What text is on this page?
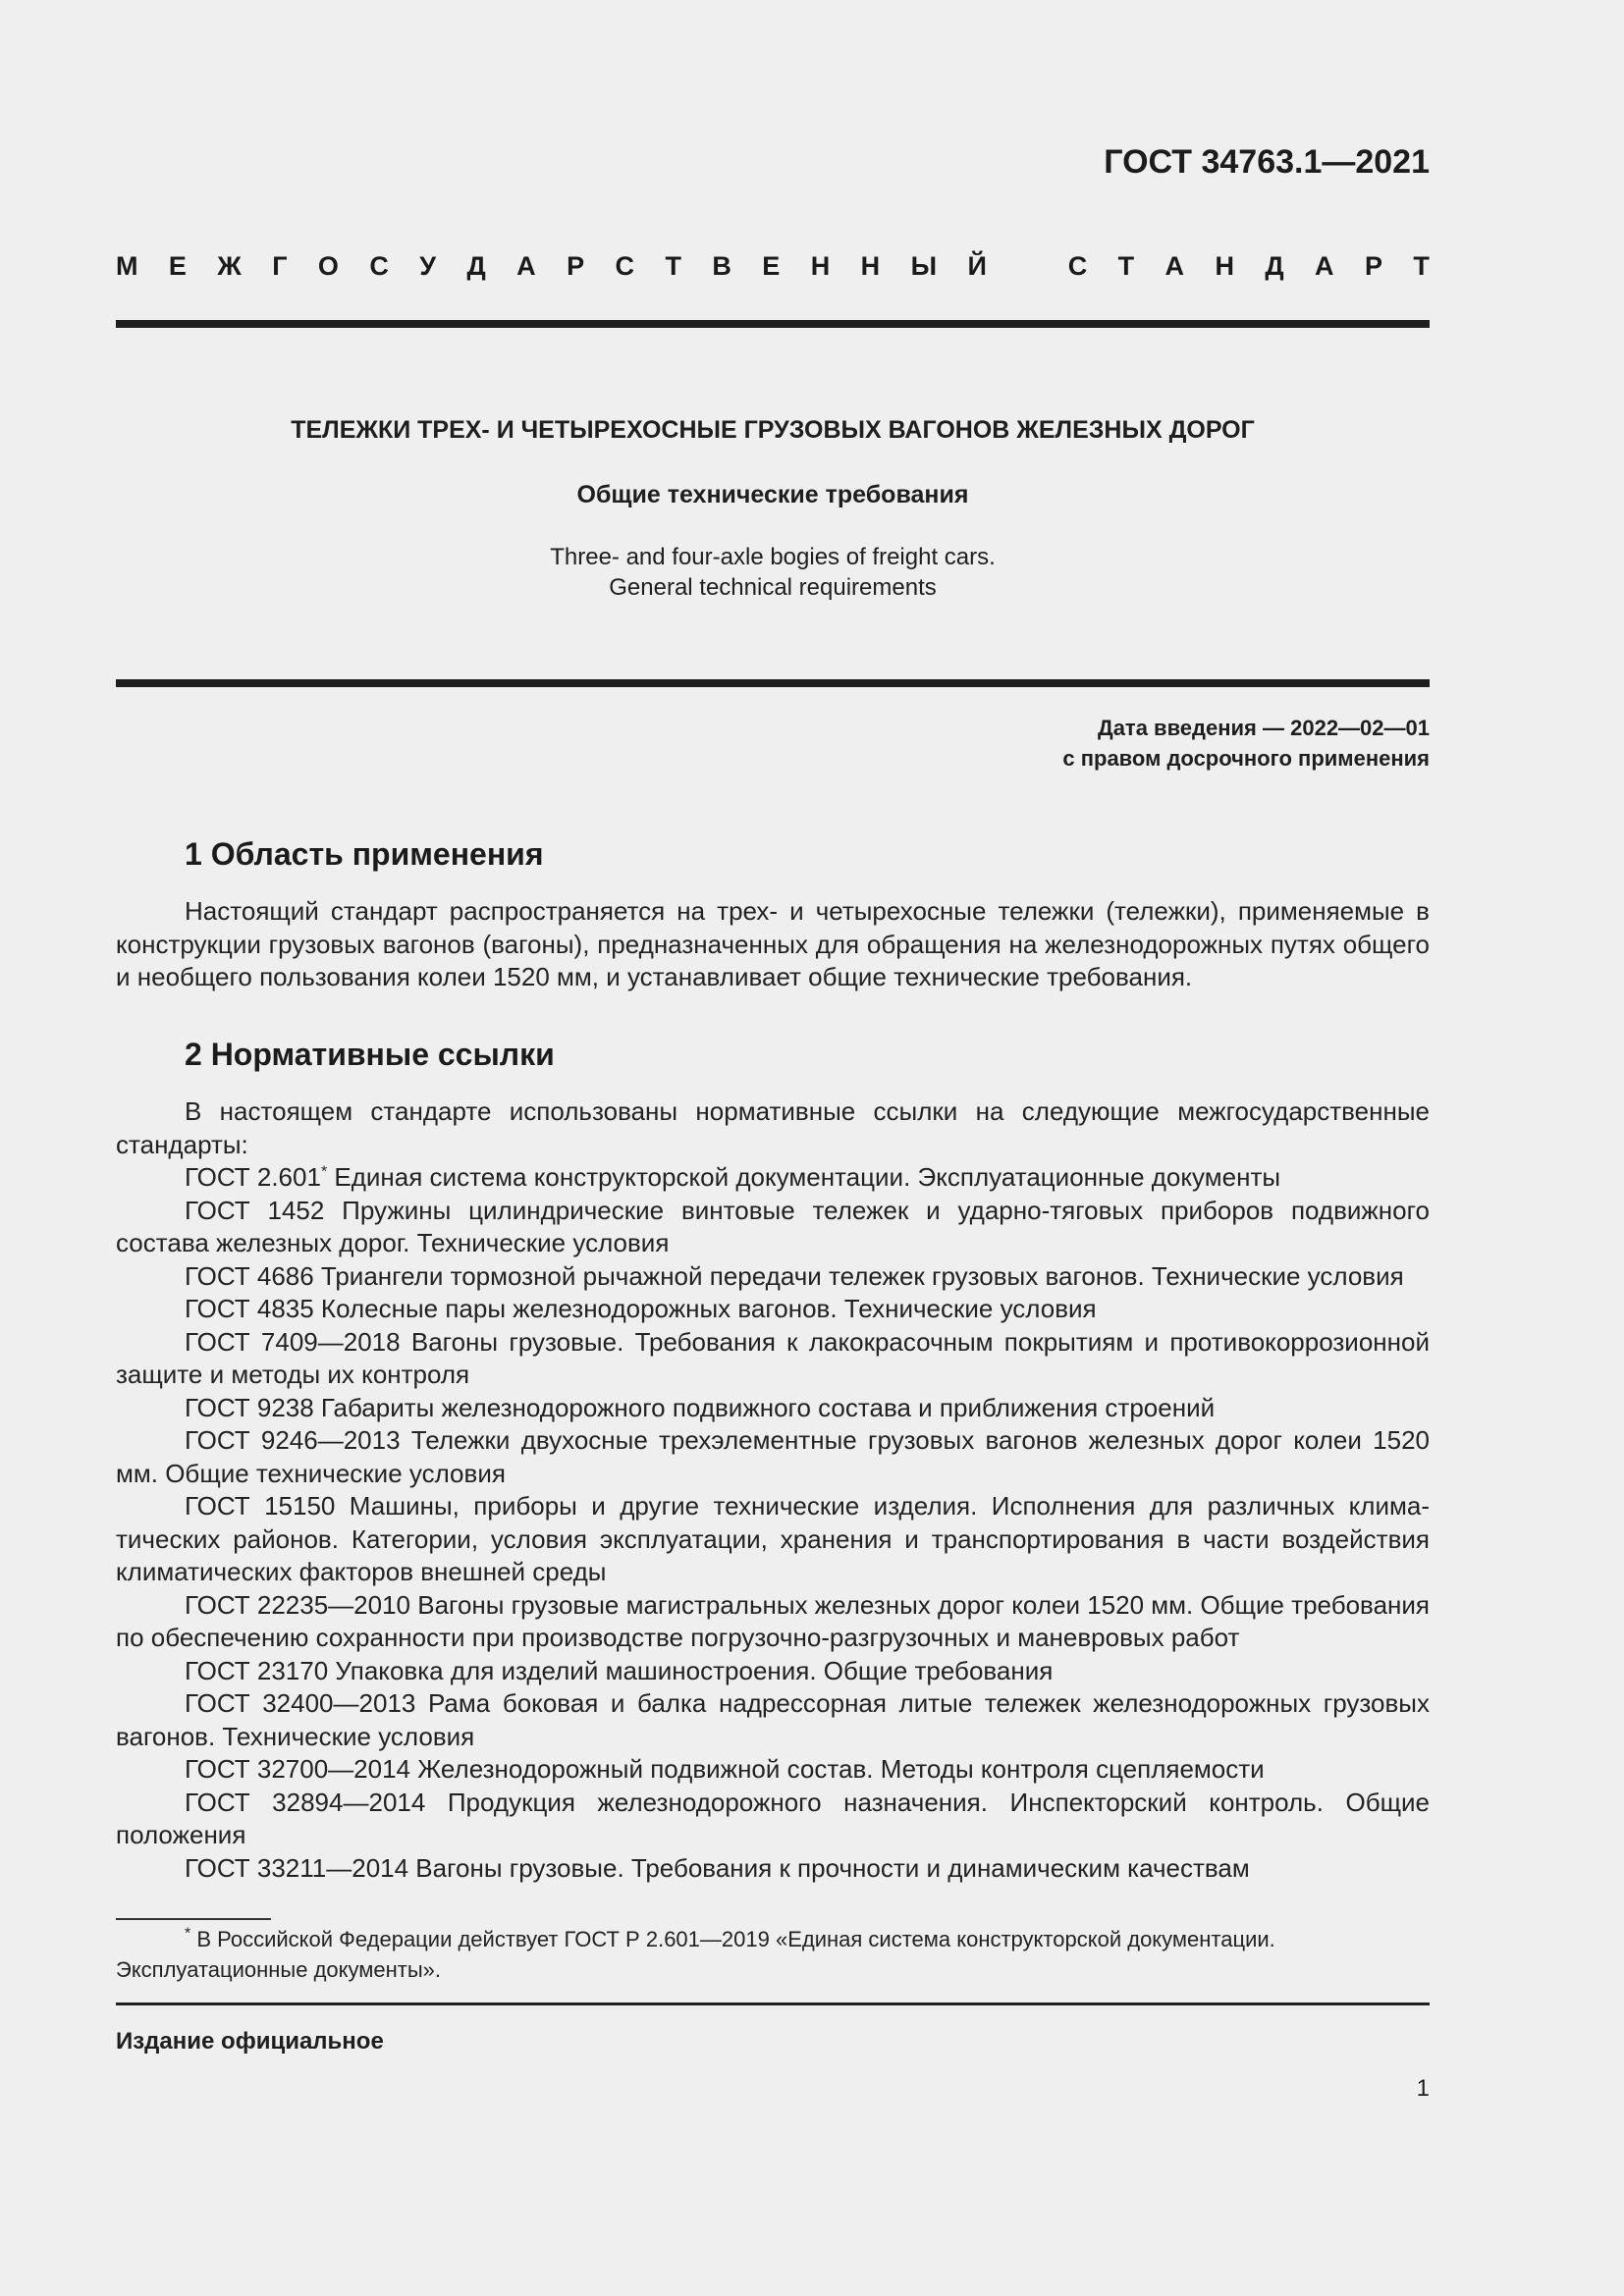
ГОСТ 34763.1—2021
М Е Ж Г О С У Д А Р С Т В Е Н Н Ы Й	С Т А Н Д А Р Т
ТЕЛЕЖКИ ТРЕХ- И ЧЕТЫРЕХОСНЫЕ ГРУЗОВЫХ ВАГОНОВ ЖЕЛЕЗНЫХ ДОРОГ
Общие технические требования
Three- and four-axle bogies of freight cars.
General technical requirements
Дата введения — 2022—02—01
с правом досрочного применения
1 Область применения

Настоящий стандарт распространяется на трех- и четырехосные тележки (тележки), применяемые в конструкции грузовых вагонов (вагоны), предназначенных для обращения на железнодорожных путях общего и необщего пользования колеи 1520 мм, и устанавливает общие технические требования.

2 Нормативные ссылки

В настоящем стандарте использованы нормативные ссылки на следующие межгосударственные стандарты:

ГОСТ 2.601* Единая система конструкторской документации. Эксплуатационные документы

ГОСТ 1452 Пружины цилиндрические винтовые тележек и ударно-тяговых приборов подвижного состава железных дорог. Технические условия

ГОСТ 4686 Триангели тормозной рычажной передачи тележек грузовых вагонов. Технические условия

ГОСТ 4835 Колесные пары железнодорожных вагонов. Технические условия

ГОСТ 7409—2018 Вагоны грузовые. Требования к лакокрасочным покрытиям и противокоррозионной защите и методы их контроля

ГОСТ 9238 Габариты железнодорожного подвижного состава и приближения строений

ГОСТ 9246—2013 Тележки двухосные трехэлементные грузовых вагонов железных дорог колеи 1520 мм. Общие технические условия

ГОСТ 15150 Машины, приборы и другие технические изделия. Исполнения для различных климатических районов. Категории, условия эксплуатации, хранения и транспортирования в части воздействия климатических факторов внешней среды

ГОСТ 22235—2010 Вагоны грузовые магистральных железных дорог колеи 1520 мм. Общие требования по обеспечению сохранности при производстве погрузочно-разгрузочных и маневровых работ

ГОСТ 23170 Упаковка для изделий машиностроения. Общие требования

ГОСТ 32400—2013 Рама боковая и балка надрессорная литые тележек железнодорожных грузовых вагонов. Технические условия

ГОСТ 32700—2014 Железнодорожный подвижной состав. Методы контроля сцепляемости

ГОСТ 32894—2014 Продукция железнодорожного назначения. Инспекторский контроль. Общие положения

ГОСТ 33211—2014 Вагоны грузовые. Требования к прочности и динамическим качествам

* В Российской Федерации действует ГОСТ Р 2.601—2019 «Единая система конструкторской документации. Эксплуатационные документы».

Издание официальное
1
